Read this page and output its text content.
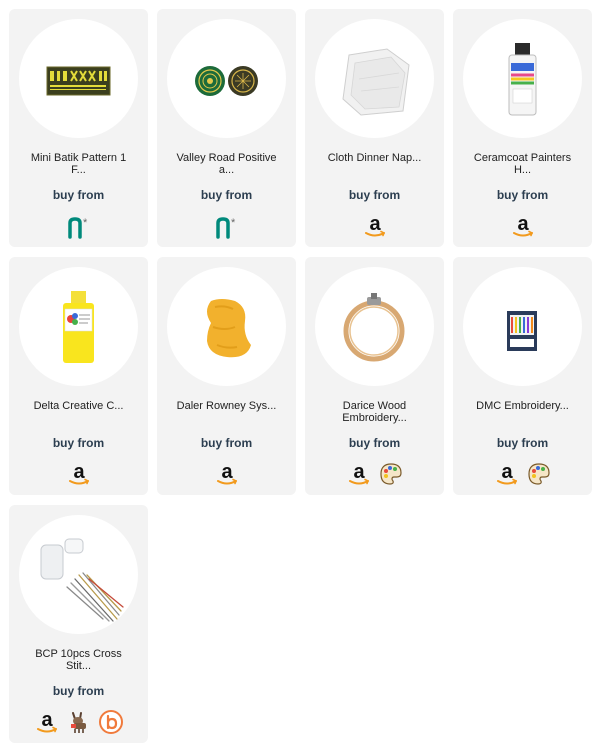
Mini Batik Pattern 1
F...
buy from
*
Valley Road Positive
a...
buy from
*
Cloth Dinner Nap...
buy from
a
Ceramcoat Painters
H...
buy from
a
Delta Creative C...
buy from
a
Daler Rowney Sys...
buy from
a
Darice Wood
Embroidery...
buy from
a
DMC Embroidery...
buy from
a
BCP 10pcs Cross
Stit...
buy from
a
